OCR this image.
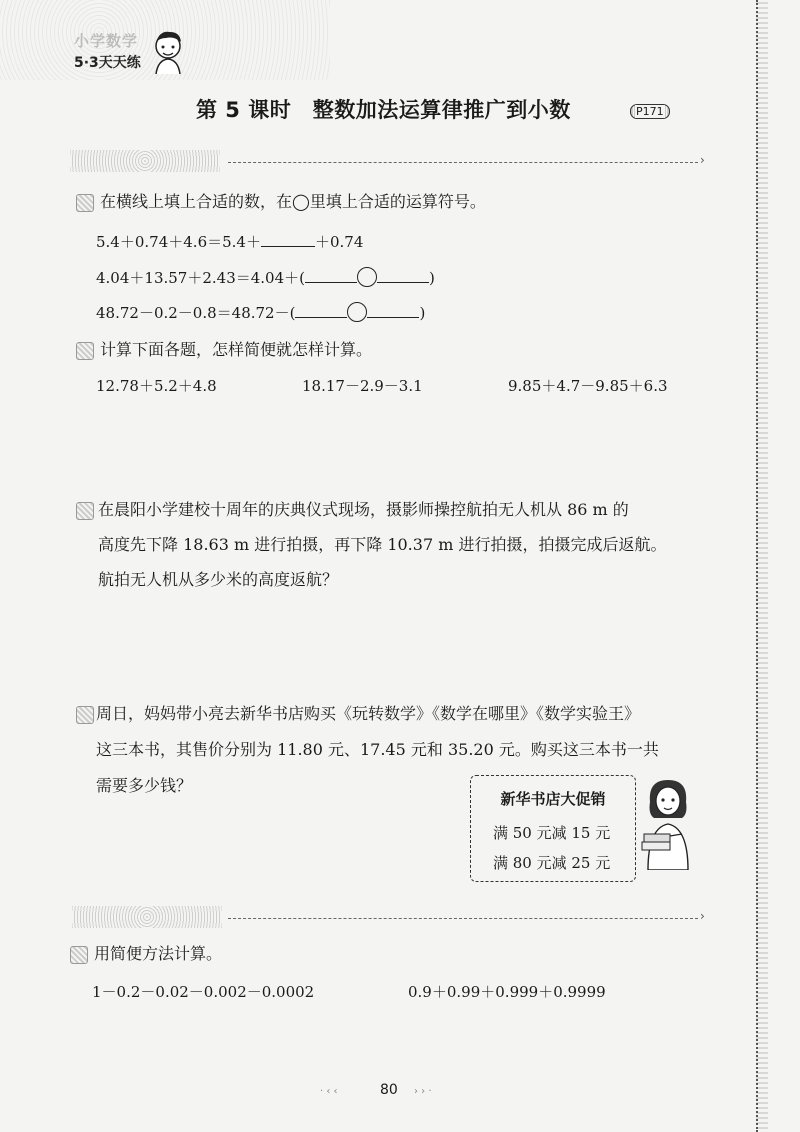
小学数学
5·3天天练
第 5 课时　整数加法运算律推广到小数	P171
›
在横线上填上合适的数，在◯里填上合适的运算符号。
5.4＋0.74＋4.6＝5.4＋	＋0.74
4.04＋13.57＋2.43＝4.04＋(	)
48.72－0.2－0.8＝48.72－(	)
计算下面各题，怎样简便就怎样计算。
12.78＋5.2＋4.8	18.17－2.9－3.1	9.85＋4.7－9.85＋6.3
在晨阳小学建校十周年的庆典仪式现场，摄影师操控航拍无人机从 86 m 的
高度先下降 18.63 m 进行拍摄，再下降 10.37 m 进行拍摄，拍摄完成后返航。
航拍无人机从多少米的高度返航？
周日，妈妈带小亮去新华书店购买《玩转数学》《数学在哪里》《数学实验王》
这三本书，其售价分别为 11.80 元、17.45 元和 35.20 元。购买这三本书一共
需要多少钱？
新华书店大促销
满 50 元减 15 元
满 80 元减 25 元
›
用简便方法计算。
1－0.2－0.02－0.002－0.0002	0.9＋0.99＋0.999＋0.9999
· ‹ ‹	80 › › ·
